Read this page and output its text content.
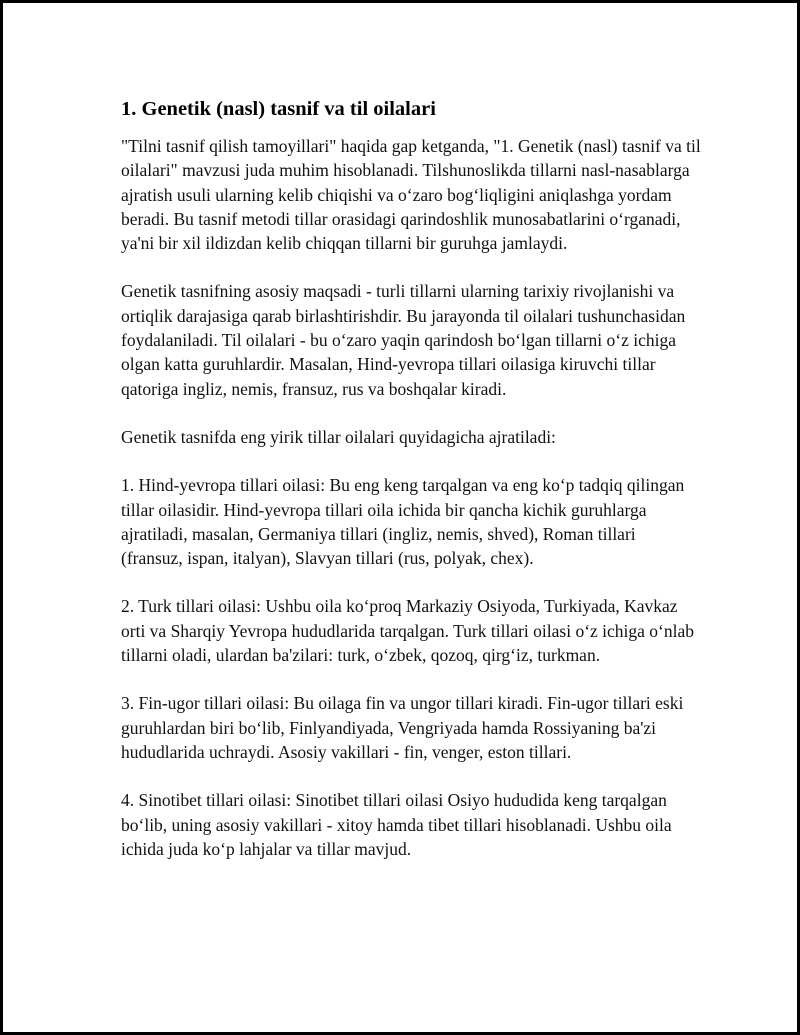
1. Genetik (nasl) tasnif va til oilalari

"Tilni tasnif qilish tamoyillari" haqida gap ketganda, "1. Genetik (nasl) tasnif va til oilalari" mavzusi juda muhim hisoblanadi. Tilshunoslikda tillarni nasl-nasablarga ajratish usuli ularning kelib chiqishi va o‘zaro bog‘liqligini aniqlashga yordam beradi. Bu tasnif metodi tillar orasidagi qarindoshlik munosabatlarini o‘rganadi, ya'ni bir xil ildizdan kelib chiqqan tillarni bir guruhga jamlaydi.

Genetik tasnifning asosiy maqsadi - turli tillarni ularning tarixiy rivojlanishi va ortiqlik darajasiga qarab birlashtirishdir. Bu jarayonda til oilalari tushunchasidan foydalaniladi. Til oilalari - bu o‘zaro yaqin qarindosh bo‘lgan tillarni o‘z ichiga olgan katta guruhlardir. Masalan, Hind-yevropa tillari oilasiga kiruvchi tillar qatoriga ingliz, nemis, fransuz, rus va boshqalar kiradi.

Genetik tasnifda eng yirik tillar oilalari quyidagicha ajratiladi:

1. Hind-yevropa tillari oilasi: Bu eng keng tarqalgan va eng ko‘p tadqiq qilingan tillar oilasidir. Hind-yevropa tillari oila ichida bir qancha kichik guruhlarga ajratiladi, masalan, Germaniya tillari (ingliz, nemis, shved), Roman tillari (fransuz, ispan, italyan), Slavyan tillari (rus, polyak, chex).

2. Turk tillari oilasi: Ushbu oila ko‘proq Markaziy Osiyoda, Turkiyada, Kavkaz orti va Sharqiy Yevropa hududlarida tarqalgan. Turk tillari oilasi o‘z ichiga o‘nlab tillarni oladi, ulardan ba'zilari: turk, o‘zbek, qozoq, qirg‘iz, turkman.

3. Fin-ugor tillari oilasi: Bu oilaga fin va ungor tillari kiradi. Fin-ugor tillari eski guruhlardan biri bo‘lib, Finlyandiyada, Vengriyada hamda Rossiyaning ba'zi hududlarida uchraydi. Asosiy vakillari - fin, venger, eston tillari.

4. Sinotibet tillari oilasi: Sinotibet tillari oilasi Osiyo hududida keng tarqalgan bo‘lib, uning asosiy vakillari - xitoy hamda tibet tillari hisoblanadi. Ushbu oila ichida juda ko‘p lahjalar va tillar mavjud.
